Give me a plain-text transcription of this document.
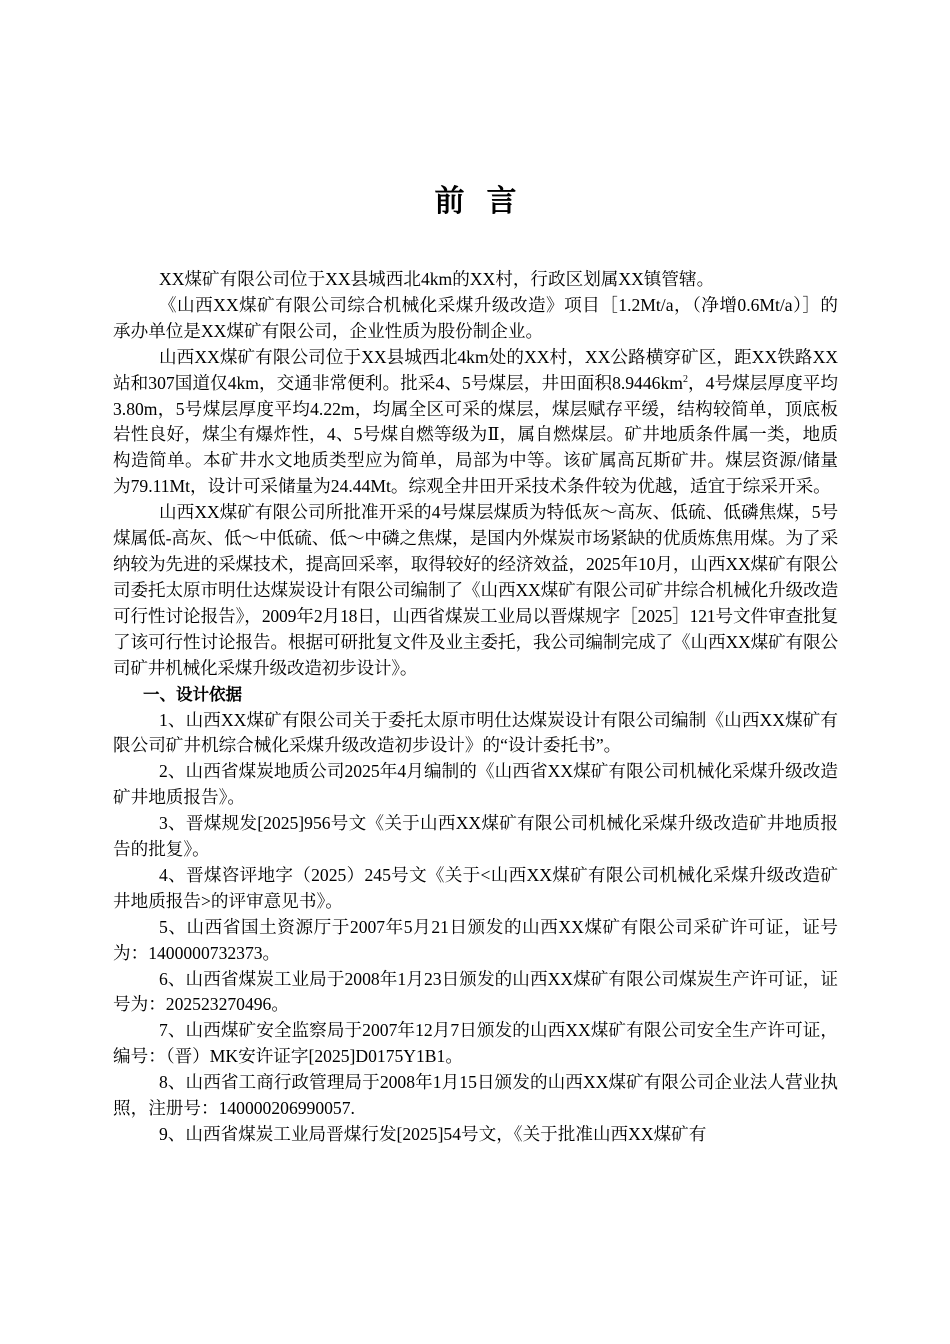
前言

XX煤矿有限公司位于XX县城西北4km的XX村，行政区划属XX镇管辖。

《山西XX煤矿有限公司综合机械化采煤升级改造》项目［1.2Mt/a，（净增0.6Mt/a）］的承办单位是XX煤矿有限公司，企业性质为股份制企业。

山西XX煤矿有限公司位于XX县城西北4km处的XX村，XX公路横穿矿区，距XX铁路XX站和307国道仅4km，交通非常便利。批采4、5号煤层，井田面积$8.9446km^2$，4号煤层厚度平均3.80m，5号煤层厚度平均4.22m，均属全区可采的煤层，煤层赋存平缓，结构较简单，顶底板岩性良好，煤尘有爆炸性，4、5号煤自燃等级为Ⅱ，属自燃煤层。矿井地质条件属一类，地质构造简单。本矿井水文地质类型应为简单，局部为中等。该矿属高瓦斯矿井。煤层资源/储量为79.11Mt，设计可采储量为24.44Mt。综观全井田开采技术条件较为优越，适宜于综采开采。

山西XX煤矿有限公司所批准开采的4号煤层煤质为特低灰～高灰、低硫、低磷焦煤，5号煤属低-高灰、低～中低硫、低～中磷之焦煤，是国内外煤炭市场紧缺的优质炼焦用煤。为了采纳较为先进的采煤技术，提高回采率，取得较好的经济效益，2025年10月，山西XX煤矿有限公司委托太原市明仕达煤炭设计有限公司编制了《山西XX煤矿有限公司矿井综合机械化升级改造可行性讨论报告》，2009年2月18日，山西省煤炭工业局以晋煤规字［2025］121号文件审查批复了该可行性讨论报告。根据可研批复文件及业主委托，我公司编制完成了《山西XX煤矿有限公司矿井机械化采煤升级改造初步设计》。

一、设计依据

1、山西XX煤矿有限公司关于委托太原市明仕达煤炭设计有限公司编制《山西XX煤矿有限公司矿井机综合械化采煤升级改造初步设计》的“设计委托书”。

2、山西省煤炭地质公司2025年4月编制的《山西省XX煤矿有限公司机械化采煤升级改造矿井地质报告》。

3、晋煤规发[2025]956号文《关于山西XX煤矿有限公司机械化采煤升级改造矿井地质报告的批复》。

4、晋煤咨评地字（2025）245号文《关于<山西XX煤矿有限公司机械化采煤升级改造矿井地质报告>的评审意见书》。

5、山西省国土资源厅于2007年5月21日颁发的山西XX煤矿有限公司采矿许可证，证号为：1400000732373。

6、山西省煤炭工业局于2008年1月23日颁发的山西XX煤矿有限公司煤炭生产许可证，证号为：202523270496。

7、山西煤矿安全监察局于2007年12月7日颁发的山西XX煤矿有限公司安全生产许可证，编号：（晋）MK安许证字[2025]D0175Y1B1。

8、山西省工商行政管理局于2008年1月15日颁发的山西XX煤矿有限公司企业法人营业执照，注册号：140000206990057.

9、山西省煤炭工业局晋煤行发[2025]54号文，《关于批准山西XX煤矿有
